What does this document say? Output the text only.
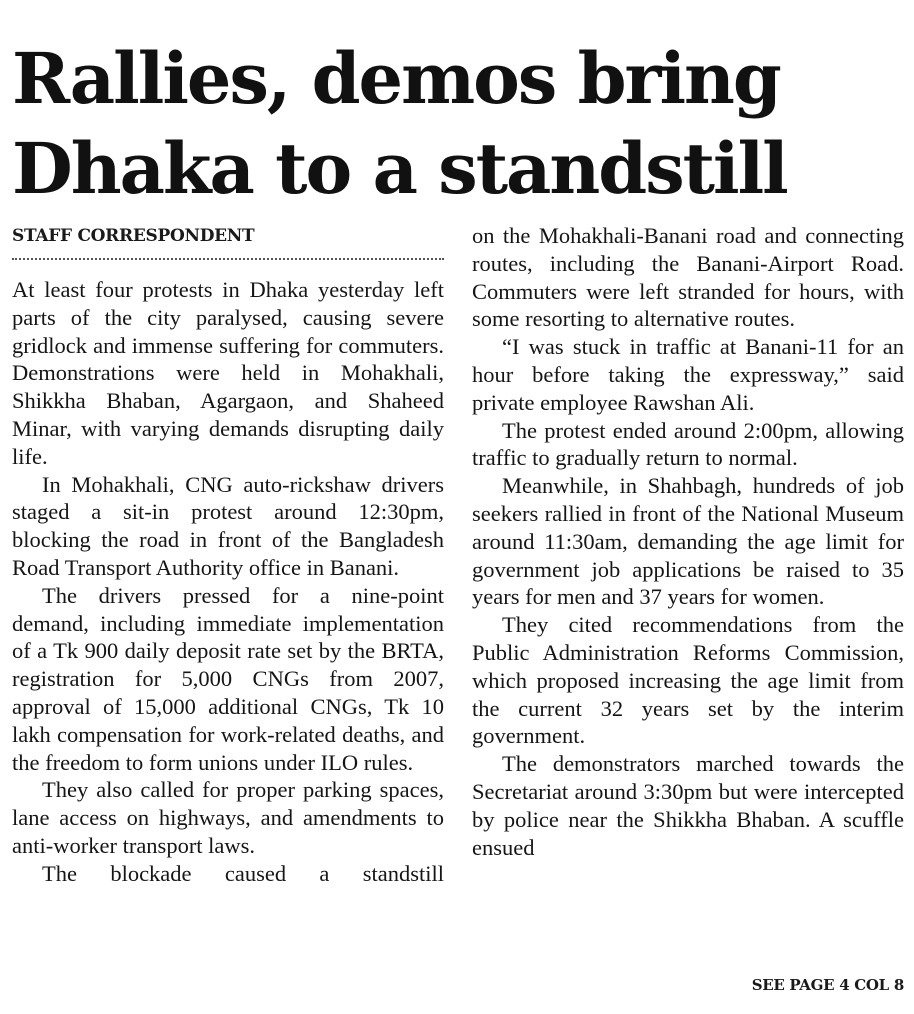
Rallies, demos bring
Dhaka to a standstill
STAFF CORRESPONDENT

At least four protests in Dhaka yesterday left parts of the city paralysed, causing severe gridlock and immense suffering for commuters. Demonstrations were held in Mohakhali, Shikkha Bhaban, Agargaon, and Shaheed Minar, with varying demands disrupting daily life.

In Mohakhali, CNG auto-rickshaw drivers staged a sit-in protest around 12:30pm, blocking the road in front of the Bangladesh Road Transport Authority office in Banani.

The drivers pressed for a nine-point demand, including immediate implementation of a Tk 900 daily deposit rate set by the BRTA, registration for 5,000 CNGs from 2007, approval of 15,000 additional CNGs, Tk 10 lakh compensation for work-related deaths, and the freedom to form unions under ILO rules.

They also called for proper parking spaces, lane access on highways, and amendments to anti-worker transport laws.

The blockade caused a standstill

on the Mohakhali-Banani road and connecting routes, including the Banani-Airport Road. Commuters were left stranded for hours, with some resorting to alternative routes.

“I was stuck in traffic at Banani-11 for an hour before taking the expressway,” said private employee Rawshan Ali.

The protest ended around 2:00pm, allowing traffic to gradually return to normal.

Meanwhile, in Shahbagh, hundreds of job seekers rallied in front of the National Museum around 11:30am, demanding the age limit for government job applications be raised to 35 years for men and 37 years for women.

They cited recommendations from the Public Administration Reforms Commission, which proposed increasing the age limit from the current 32 years set by the interim government.

The demonstrators marched towards the Secretariat around 3:30pm but were intercepted by police near the Shikkha Bhaban. A scuffle ensued

SEE PAGE 4 COL 8
